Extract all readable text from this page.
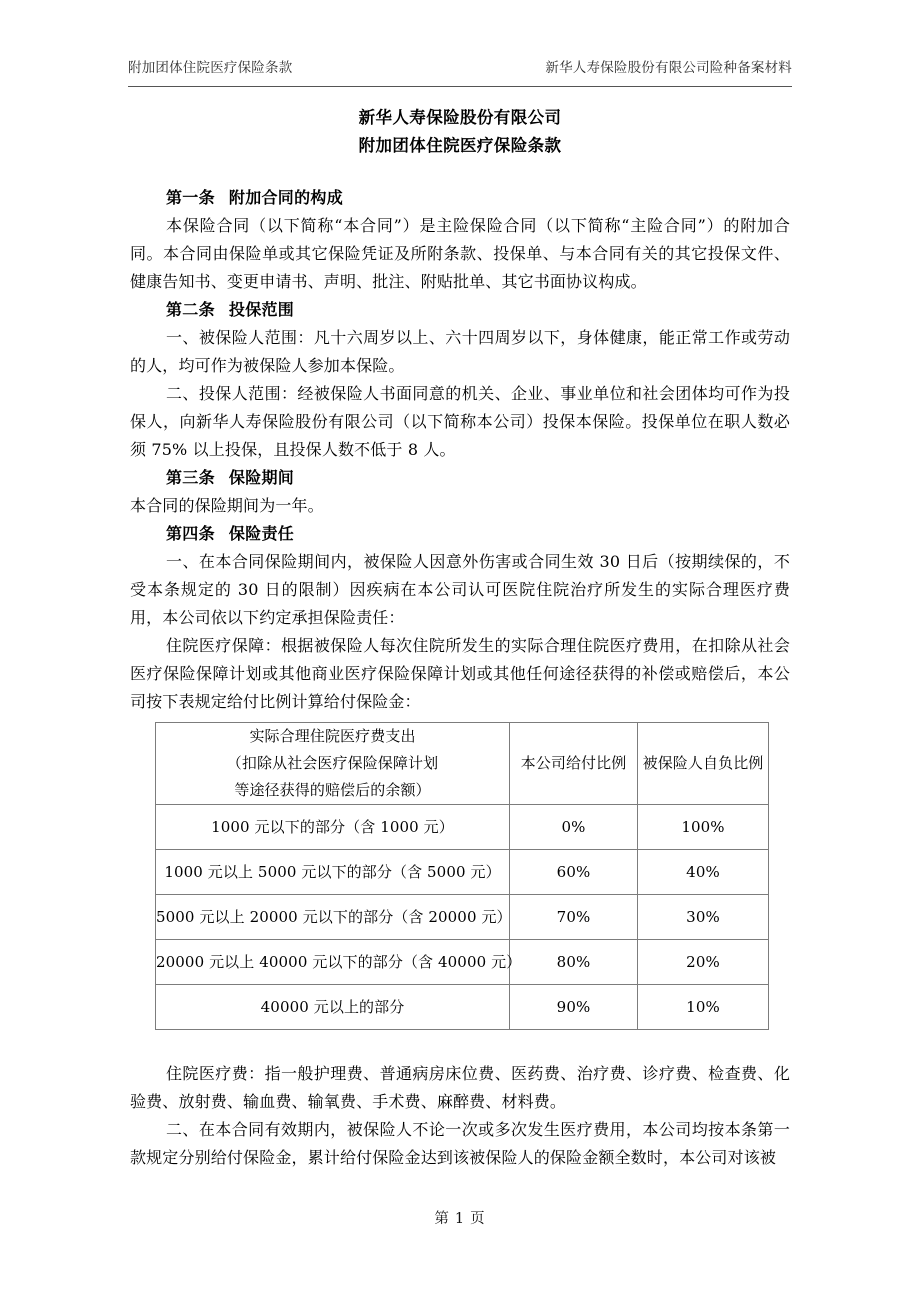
附加团体住院医疗保险条款	新华人寿保险股份有限公司险种备案材料
新华人寿保险股份有限公司
附加团体住院医疗保险条款
第一条 附加合同的构成

本保险合同（以下简称“本合同”）是主险保险合同（以下简称“主险合同”）的附加合同。本合同由保险单或其它保险凭证及所附条款、投保单、与本合同有关的其它投保文件、健康告知书、变更申请书、声明、批注、附贴批单、其它书面协议构成。

第二条 投保范围

一、被保险人范围：凡十六周岁以上、六十四周岁以下，身体健康，能正常工作或劳动的人，均可作为被保险人参加本保险。

二、投保人范围：经被保险人书面同意的机关、企业、事业单位和社会团体均可作为投保人，向新华人寿保险股份有限公司（以下简称本公司）投保本保险。投保单位在职人数必须 75% 以上投保，且投保人数不低于 8 人。

第三条 保险期间

本合同的保险期间为一年。

第四条 保险责任

一、在本合同保险期间内，被保险人因意外伤害或合同生效 30 日后（按期续保的，不受本条规定的 30 日的限制）因疾病在本公司认可医院住院治疗所发生的实际合理医疗费用，本公司依以下约定承担保险责任：

住院医疗保障：根据被保险人每次住院所发生的实际合理住院医疗费用，在扣除从社会医疗保险保障计划或其他商业医疗保险保障计划或其他任何途径获得的补偿或赔偿后，本公司按下表规定给付比例计算给付保险金：

实际合理住院医疗费支出
（扣除从社会医疗保险保障计划
等途径获得的赔偿后的余额）	本公司给付比例	被保险人自负比例
1000 元以下的部分（含 1000 元）	0%	100%
1000 元以上 5000 元以下的部分（含 5000 元）	60%	40%
5000 元以上 20000 元以下的部分（含 20000 元）	70%	30%
20000 元以上 40000 元以下的部分（含 40000 元）	80%	20%
40000 元以上的部分	90%	10%

住院医疗费：指一般护理费、普通病房床位费、医药费、治疗费、诊疗费、检查费、化验费、放射费、输血费、输氧费、手术费、麻醉费、材料费。

二、在本合同有效期内，被保险人不论一次或多次发生医疗费用，本公司均按本条第一款规定分别给付保险金，累计给付保险金达到该被保险人的保险金额全数时，本公司对该被

第 1 页
